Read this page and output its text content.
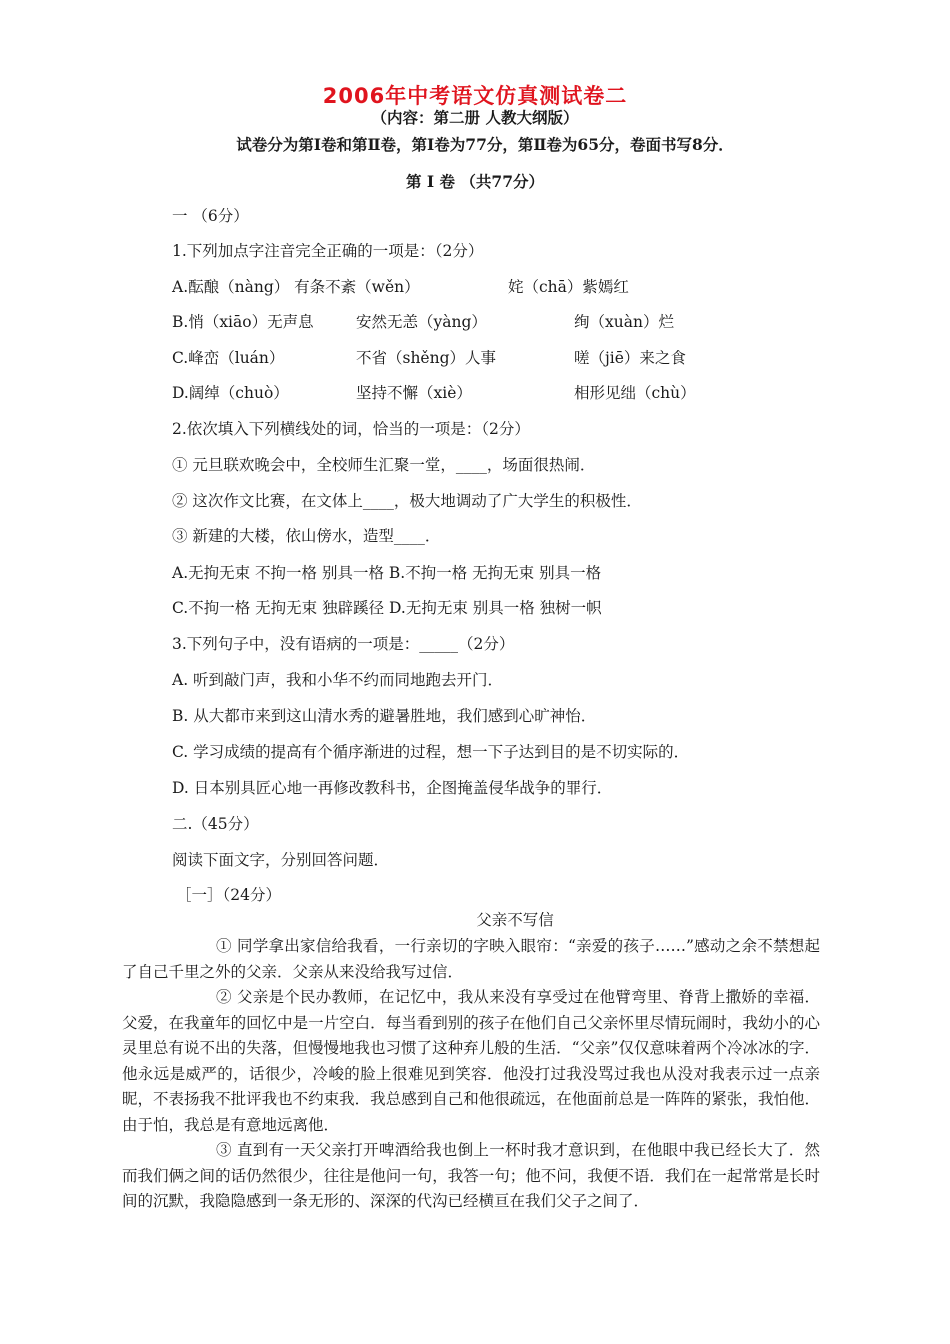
2006年中考语文仿真测试卷二
（内容：第二册 人教大纲版）
试卷分为第Ⅰ卷和第Ⅱ卷，第Ⅰ卷为77分，第Ⅱ卷为65分，卷面书写8分．
第 Ⅰ 卷 （共77分）
一 （6分）
1.下列加点字注音完全正确的一项是：（2分）
A.酝酿（nàng） 有条不紊（wěn）	姹（chā）紫嫣红
B.悄（xiāo）无声息	安然无恙（yàng）	绚（xuàn）烂
C.峰峦（luán）	不省（shěng）人事	嗟（jiē）来之食
D.阔绰（chuò）	坚持不懈（xiè）	相形见绌（chù）
2.依次填入下列横线处的词，恰当的一项是：（2分）
① 元旦联欢晚会中，全校师生汇聚一堂，____，场面很热闹．
② 这次作文比赛，在文体上____，极大地调动了广大学生的积极性．
③ 新建的大楼，依山傍水，造型____．
A.无拘无束 不拘一格 别具一格 B.不拘一格 无拘无束 别具一格
C.不拘一格 无拘无束 独辟蹊径 D.无拘无束 别具一格 独树一帜
3.下列句子中，没有语病的一项是：_____（2分）
A. 听到敲门声，我和小华不约而同地跑去开门．
B. 从大都市来到这山清水秀的避暑胜地，我们感到心旷神怡．
C. 学习成绩的提高有个循序渐进的过程，想一下子达到目的是不切实际的．
D. 日本别具匠心地一再修改教科书，企图掩盖侵华战争的罪行．
二.（45分）
阅读下面文字，分别回答问题．
［一］（24分）
父亲不写信
① 同学拿出家信给我看，一行亲切的字映入眼帘：“亲爱的孩子……”感动之余不禁想起了自己千里之外的父亲．父亲从来没给我写过信．
② 父亲是个民办教师，在记忆中，我从来没有享受过在他臂弯里、脊背上撒娇的幸福．父爱，在我童年的回忆中是一片空白．每当看到别的孩子在他们自己父亲怀里尽情玩闹时，我幼小的心灵里总有说不出的失落，但慢慢地我也习惯了这种弃儿般的生活．“父亲”仅仅意味着两个冷冰冰的字．他永远是威严的，话很少，冷峻的脸上很难见到笑容．他没打过我没骂过我也从没对我表示过一点亲昵，不表扬我不批评我也不约束我．我总感到自己和他很疏远，在他面前总是一阵阵的紧张，我怕他．由于怕，我总是有意地远离他．
③ 直到有一天父亲打开啤酒给我也倒上一杯时我才意识到，在他眼中我已经长大了．然而我们俩之间的话仍然很少，往往是他问一句，我答一句；他不问，我便不语．我们在一起常常是长时间的沉默，我隐隐感到一条无形的、深深的代沟已经横亘在我们父子之间了．
